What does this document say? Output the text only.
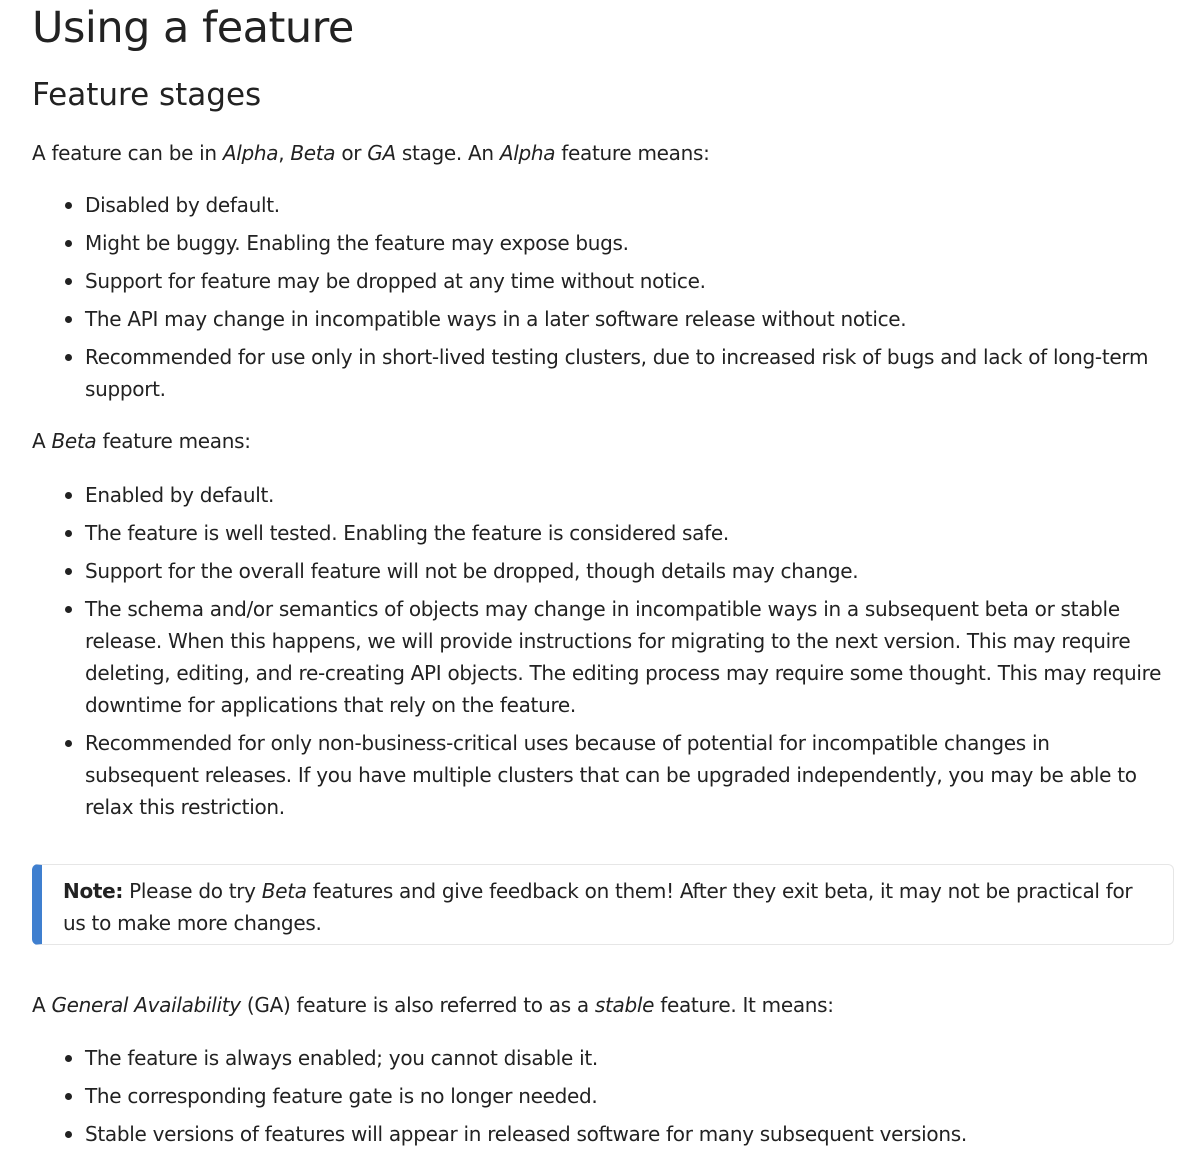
Using a feature
Feature stages

A feature can be in Alpha, Beta or GA stage. An Alpha feature means:

Disabled by default.
Might be buggy. Enabling the feature may expose bugs.
Support for feature may be dropped at any time without notice.
The API may change in incompatible ways in a later software release without notice.
Recommended for use only in short-lived testing clusters, due to increased risk of bugs and lack of long-term support.

A Beta feature means:

Enabled by default.
The feature is well tested. Enabling the feature is considered safe.
Support for the overall feature will not be dropped, though details may change.
The schema and/or semantics of objects may change in incompatible ways in a subsequent beta or stable release. When this happens, we will provide instructions for migrating to the next version. This may require deleting, editing, and re-creating API objects. The editing process may require some thought. This may require downtime for applications that rely on the feature.
Recommended for only non-business-critical uses because of potential for incompatible changes in subsequent releases. If you have multiple clusters that can be upgraded independently, you may be able to relax this restriction.
Note: Please do try Beta features and give feedback on them! After they exit beta, it may not be practical for us to make more changes.

A General Availability (GA) feature is also referred to as a stable feature. It means:

The feature is always enabled; you cannot disable it.
The corresponding feature gate is no longer needed.
Stable versions of features will appear in released software for many subsequent versions.
